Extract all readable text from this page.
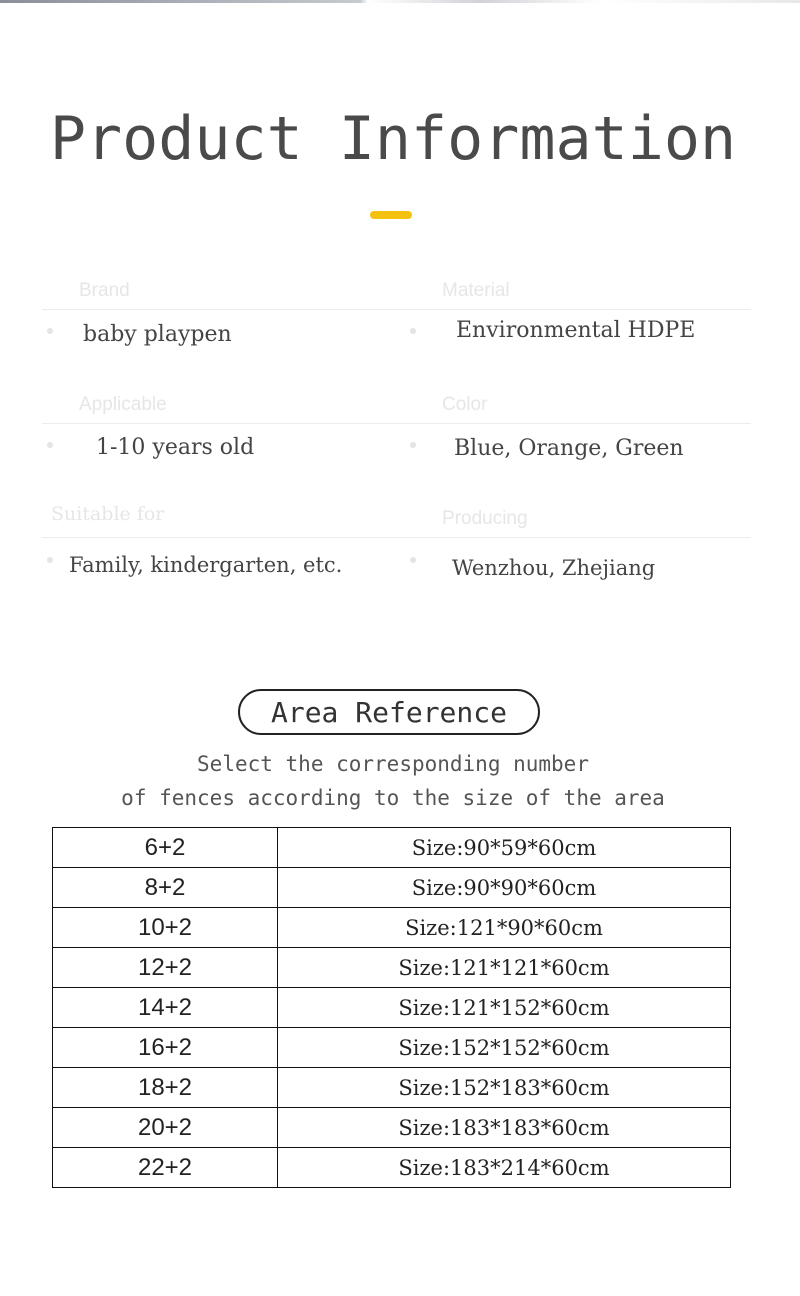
Product Information
Brand
baby playpen
Material
Environmental HDPE
Applicable
1-10 years old
Color
Blue, Orange, Green
Suitable for
Family, kindergarten, etc.
Producing
Wenzhou, Zhejiang
Area Reference
Select the corresponding number
of fences according to the size of the area
6+2	Size:90*59*60cm
8+2	Size:90*90*60cm
10+2	Size:121*90*60cm
12+2	Size:121*121*60cm
14+2	Size:121*152*60cm
16+2	Size:152*152*60cm
18+2	Size:152*183*60cm
20+2	Size:183*183*60cm
22+2	Size:183*214*60cm
